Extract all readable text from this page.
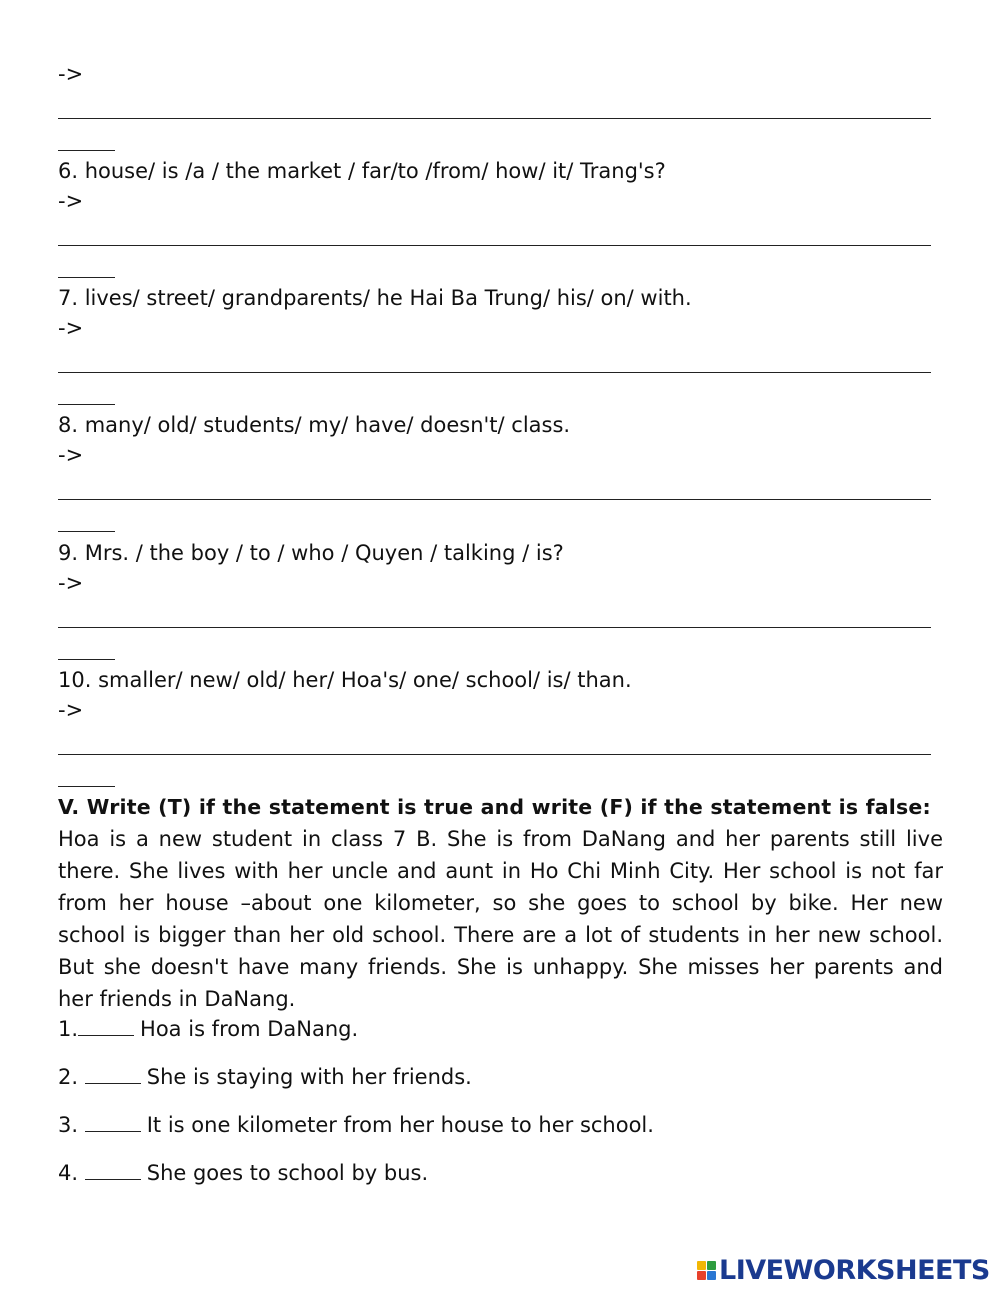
->
6. house/ is /a / the market / far/to /from/ how/ it/ Trang's?
->
7. lives/ street/ grandparents/ he Hai Ba Trung/ his/ on/ with.
->
8. many/ old/ students/ my/ have/ doesn't/ class.
->
9. Mrs. / the boy / to / who / Quyen / talking / is?
->
10. smaller/ new/ old/ her/ Hoa's/ one/ school/ is/ than.
->
V. Write (T) if the statement is true and write (F) if the statement is false:
Hoa is a new student in class 7 B. She is from DaNang and her parents still live there. She lives with her uncle and aunt in Ho Chi Minh City. Her school is not far from her house –about one kilometer, so she goes to school by bike. Her new school is bigger than her old school. There are a lot of students in her new school. But she doesn't have many friends. She is unhappy. She misses her parents and her friends in DaNang.
1.	Hoa is from DaNang.
2.	She is staying with her friends.
3.	It is one kilometer from her house to her school.
4.	She goes to school by bus.
LIVEWORKSHEETS
